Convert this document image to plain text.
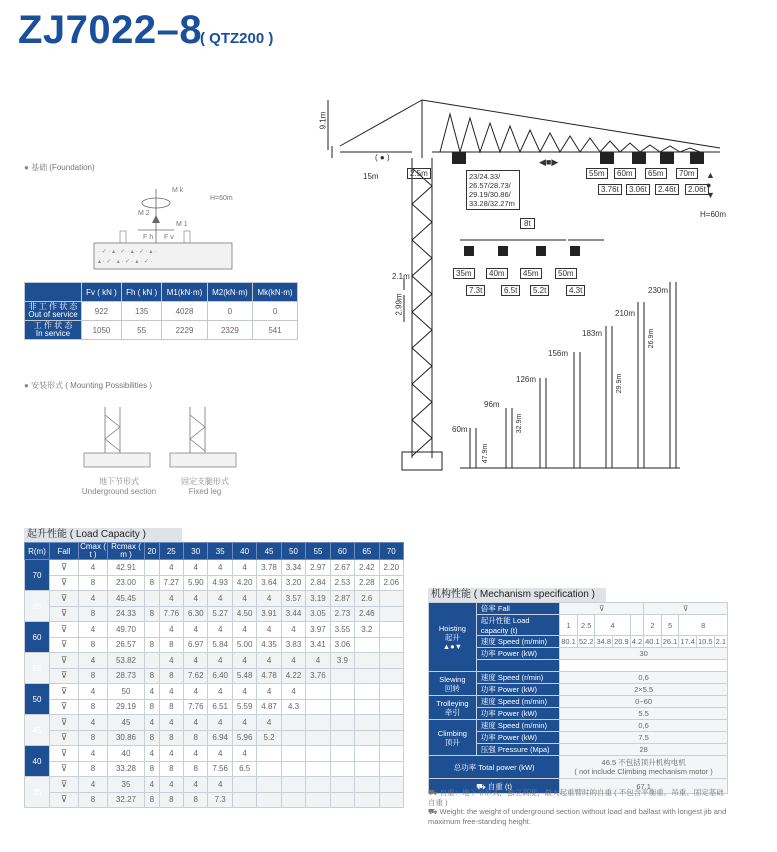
ZJ7022–8
( QTZ200 )
● 基础 (Foundation)
· ✓ · ▴ · ✓ · ▴ · ✓ · ▴ ·
▴ · ✓ · ▴ · ✓ · ▴ · ✓ ·
M k
M 2
M 1
F h F v
H=60m
	Fv ( kN )	Fh ( kN )	M1(kN·m)	M2(kN·m)	Mk(kN·m)
非 工 作 状 态
Out of service	922	135	4028	0	0
工 作 状 态
In service	1050	55	2229	2329	541
● 安装形式 ( Mounting Possibilities )
地下节形式
Underground section
固定支腿形式
Fixed leg
9.1m
15m
( ● )
2.5m	23/24.33/ 26.57/28.73/ 29.19/30.86/ 33.28/32.27m
8t
◀■▶
▲
●
▼
H=60m
55m	60m	65m	70m
3.76t	3.06t	2.46t	2.06t
35m	40m	45m	50m
7.3t	6.5t	5.2t	4.3t
2.1m
2.99m
60m
96m
126m
156m
183m
210m
230m
47.9m
32.9m
29.9m
26.9m
起升性能 ( Load Capacity )
R(m)	Fall	Cmax ( t )	Rcmax ( m )	20	25	30	35	40	45	50	55	60	65	70
70	⊽	4	42.91		4	4	4	4	3.78	3.34	2.97	2.67	2.42	2.20
	⊽	8	23.00	8	7.27	5.90	4.93	4.20	3.64	3.20	2.84	2.53	2.28	2.06
65	⊽	4	45.45		4	4	4	4	4	3.57	3.19	2.87	2.6	
	⊽	8	24.33	8	7.76	6.30	5.27	4.50	3.91	3.44	3.05	2.73	2.46	
60	⊽	4	49.70		4	4	4	4	4	4	3.97	3.55	3.2	
	⊽	8	26.57	8	8	6.97	5.84	5.00	4.35	3.83	3.41	3.06		
55	⊽	4	53.82		4	4	4	4	4	4	4	3.9		
	⊽	8	28.73	8	8	7.62	6.40	5.48	4.78	4.22	3.76			
50	⊽	4	50	4	4	4	4	4	4	4				
	⊽	8	29.19	8	8	7.76	6.51	5.59	4.87	4.3				
45	⊽	4	45	4	4	4	4	4	4					
	⊽	8	30.86	8	8	8	6.94	5.96	5.2					
40	⊽	4	40	4	4	4	4	4						
	⊽	8	33.28	8	8	8	7.56	6.5						
35	⊽	4	35	4	4	4	4							
	⊽	8	32.27	8	8	8	7.3							
机构性能 ( Mechanism specification )
Hoisting
起升
▲●▼	倍率 Fall	⊽					⊽				
	起升性能 Load capacity (t)	1	2.5	4			2	5	8		
	速度 Speed (m/min)	80.1	52.2	34.8	20.9	4.2	40.1	26.1	17.4	10.5	2.1
	功率 Power (kW)	30									

Slewing
回转	速度 Speed (r/min)	0,6									
	功率 Power (kW)	2×5.5									
Trolleying
牵引	速度 Speed (m/min)	0~60									
	功率 Power (kW)	5.5									
Climbing
顶升	速度 Speed (m/min)	0,6									
	功率 Power (kW)	7.5									
	压强 Pressure (Mpa)	28									
总功率 Total power (kW)		46.5 不包括顶升机构电机
( not include Climbing mechanism motor )									
⛟ 自重 (t)		67.1									
⛟ 自重：地下节形式，独立高度，最大起重臂时的自重 ( 不包含平衡重、吊重、固定基础自重 )
⛟ Weight: the weight of underground section without load and ballast with longest jib and maximum free-standing height.
